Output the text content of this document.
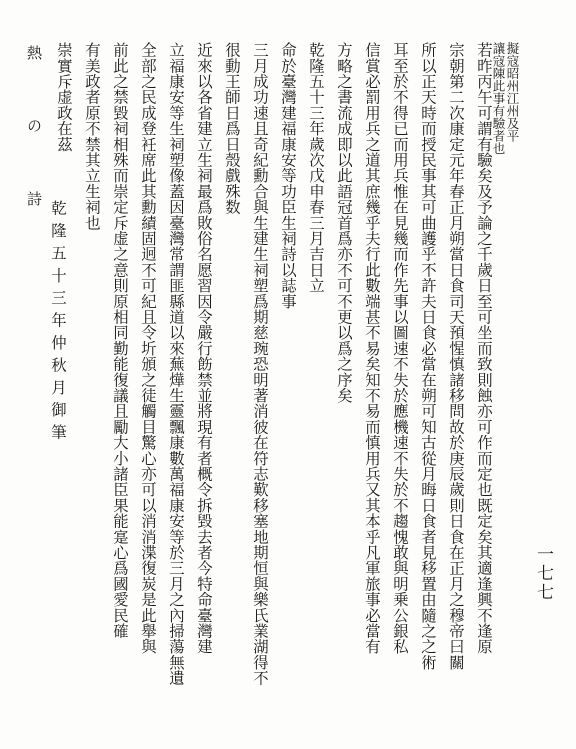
熱 の 詩	擬寇昭州江州及平
讓寇陳此事有驗者也
若昨丙午可謂有驗矣及予論之千歲日至可坐而致則蝕亦可作而定也既定矣其適逢興不逢原
宗朝第二次康定元年春正月朔當日食司天預惺慎諸移問故於庚辰歲則日食在正月之穆帝曰關
所以正天時而授民事其可曲護乎不許夫日食必當在朔可知古從月晦日食者見移置由隨之之術
耳至於不得已而用兵惟在見幾而作先事以圖速不失於應機速不失於不趨愧敢與明乗公銀私
信賞必罰用兵之道其庶幾乎夫行此數端甚不易矣知不易而慎用兵又其本乎凡軍旅事必當有
方略之書流成即以此語冠首爲亦不可不更以爲之序矣
乾隆五十三年歲次戊申春三月吉日立
命於臺灣建福康安等功臣生祠詩以誌事
三月成功速且奇紀勳合與生建生祠塑爲期慈琬恐明著消彼在符志歎移塞地期恒與樂氏業湖得不
很動王師日爲日殼戲殊数
近來以各省建立生祠最爲敗俗名愿習因令嚴行飭禁並將現有者概令拆毀去者今特命臺灣建
立福康安等生祠塑像蓋因臺灣常謂匪縣道以來蕪燁生靈飄康數萬福康安等於三月之內掃蕩無遺
全部之民成登衽席此其勳績固迥不可紀且令圻頒之徒觸目驚心亦可以消消渫復炭是此舉與
前此之禁毀祠相殊而崇定斥虚之意則原相同勤能復議且勵大小諸臣果能寔心爲國愛民確
有美政者原不禁其立生祠也
崇實斥虚政在茲
乾隆五十三年仲秋月御筆
一七七
